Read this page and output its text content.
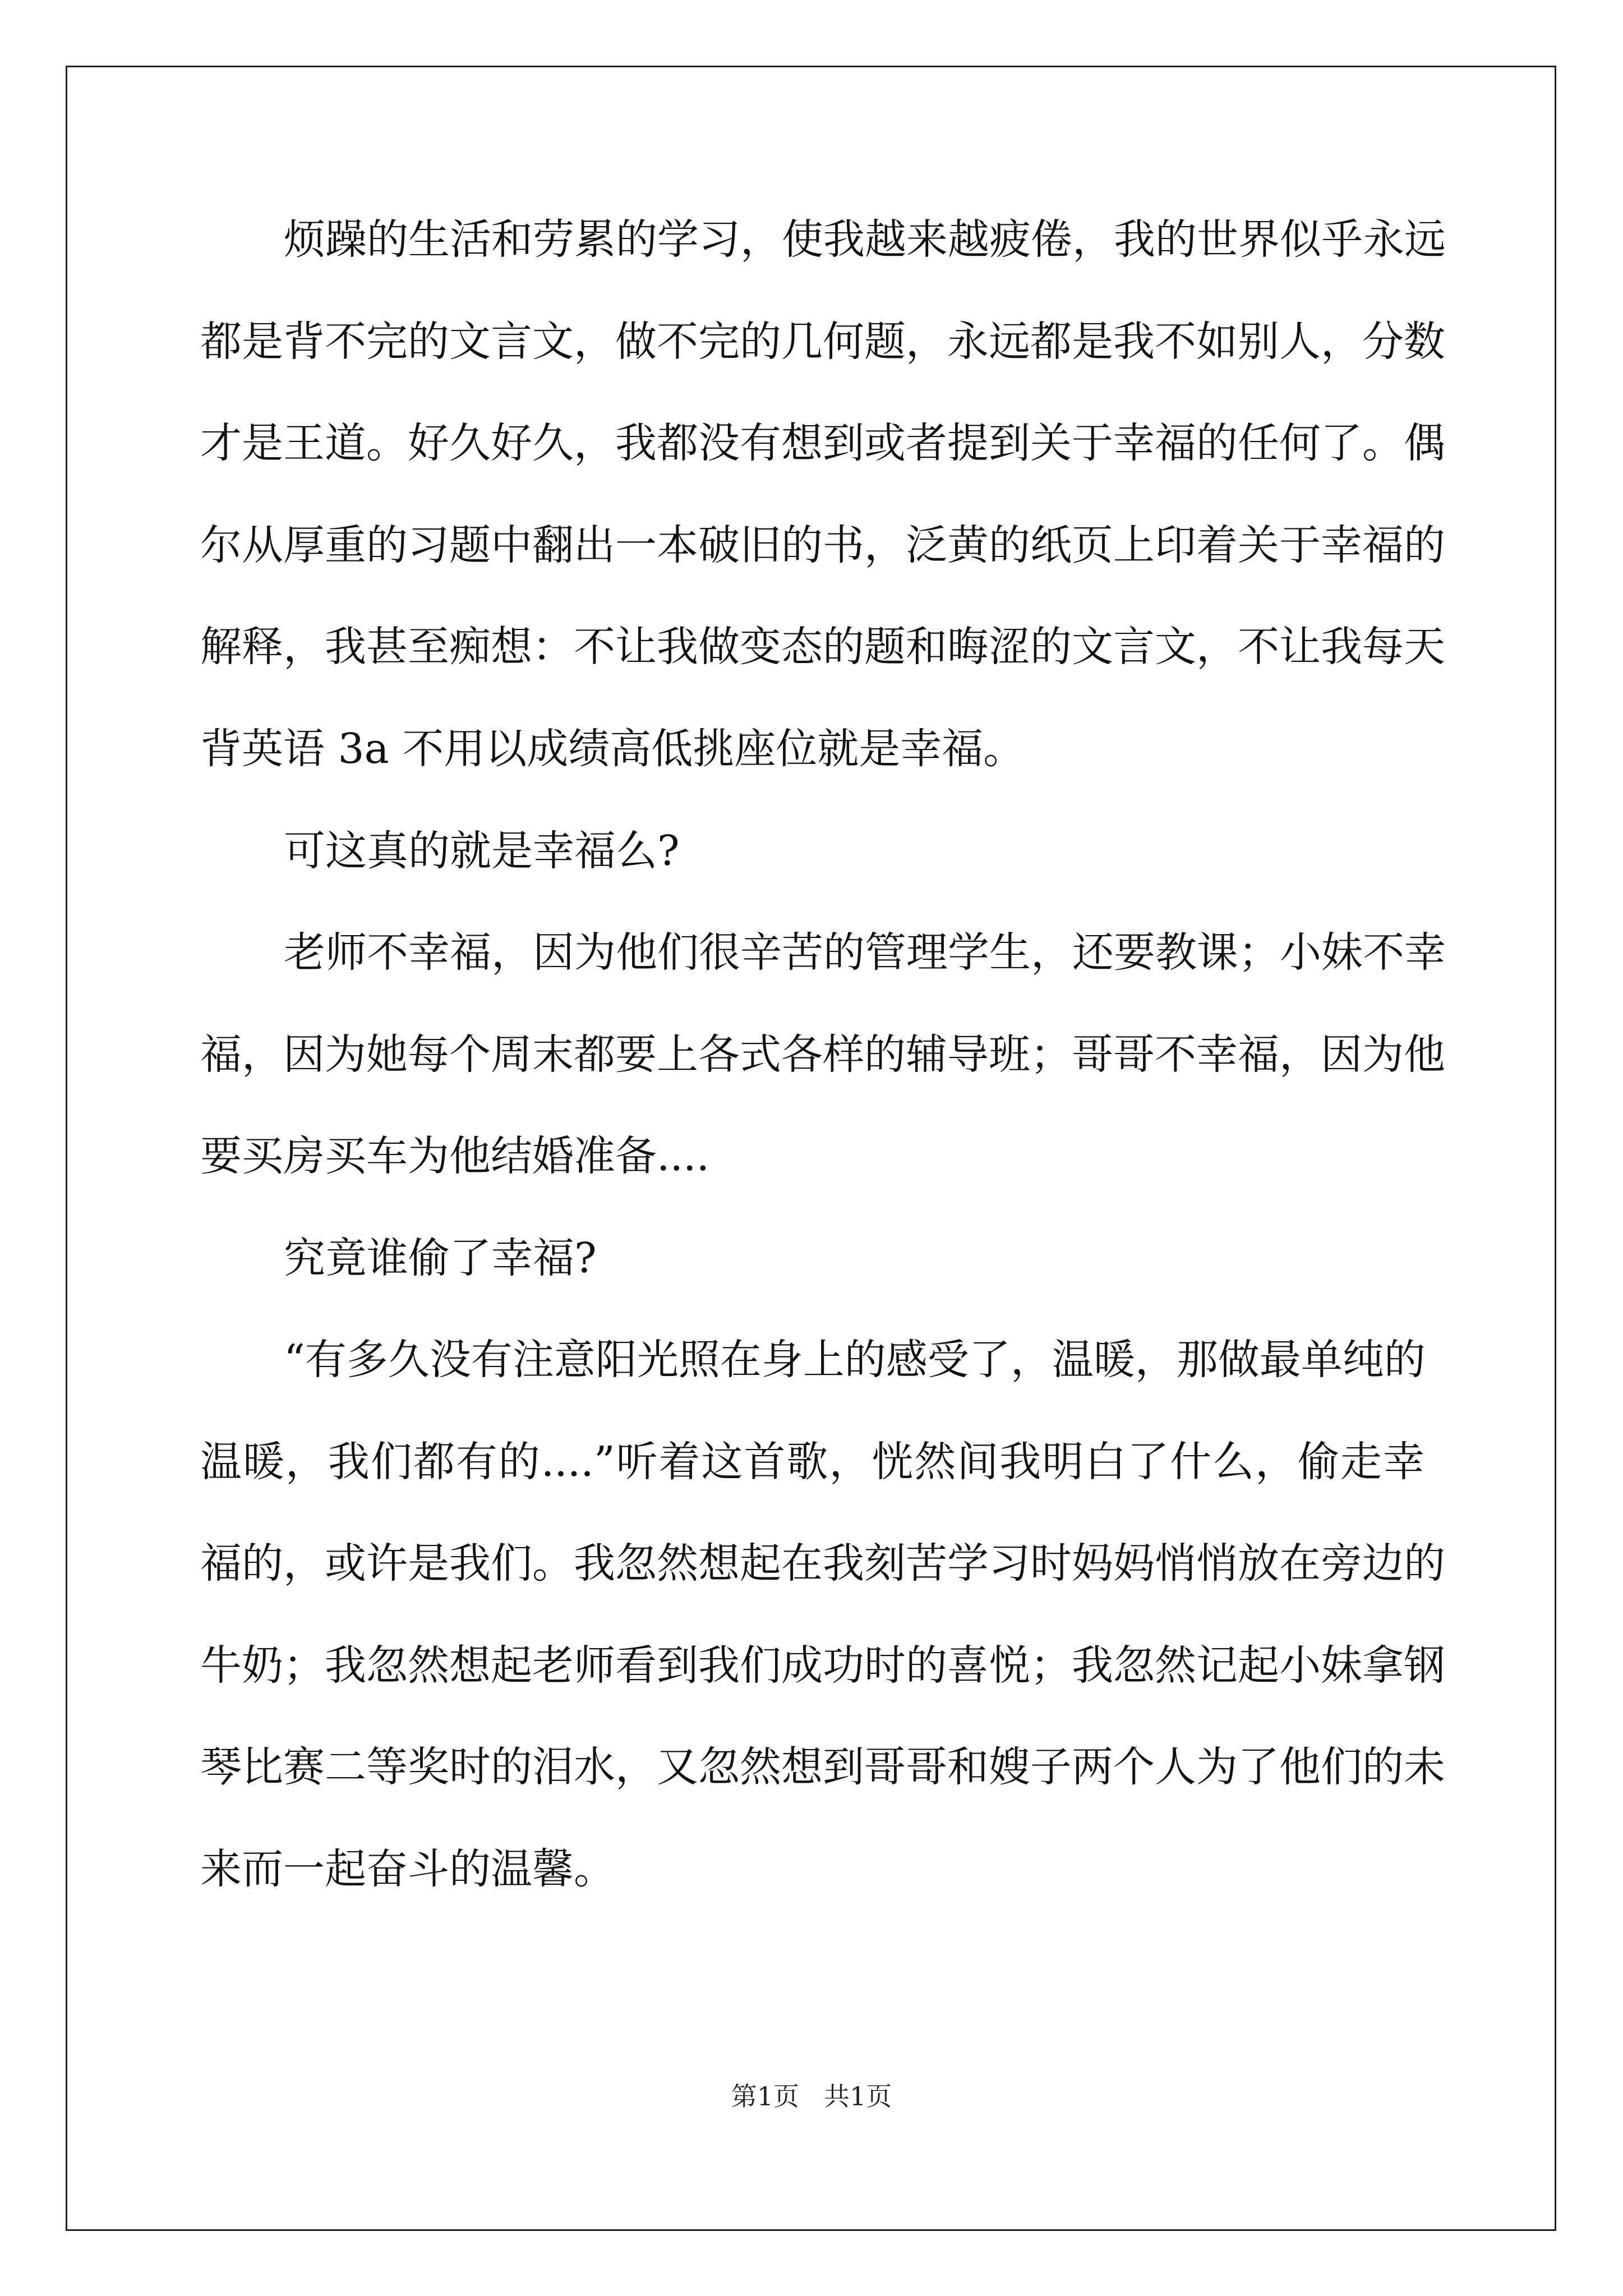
烦躁的生活和劳累的学习，使我越来越疲倦，我的世界似乎永远
都是背不完的文言文，做不完的几何题，永远都是我不如别人，分数
才是王道。好久好久，我都没有想到或者提到关于幸福的任何了。偶
尔从厚重的习题中翻出一本破旧的书，泛黄的纸页上印着关于幸福的
解释，我甚至痴想：不让我做变态的题和晦涩的文言文，不让我每天
背英语 3a 不用以成绩高低挑座位就是幸福。
可这真的就是幸福么?
老师不幸福，因为他们很辛苦的管理学生，还要教课；小妹不幸
福，因为她每个周末都要上各式各样的辅导班；哥哥不幸福，因为他
要买房买车为他结婚准备....
究竟谁偷了幸福?
“有多久没有注意阳光照在身上的感受了，温暖，那做最单纯的
温暖，我们都有的....”听着这首歌，恍然间我明白了什么，偷走幸
福的，或许是我们。我忽然想起在我刻苦学习时妈妈悄悄放在旁边的
牛奶；我忽然想起老师看到我们成功时的喜悦；我忽然记起小妹拿钢
琴比赛二等奖时的泪水，又忽然想到哥哥和嫂子两个人为了他们的未
来而一起奋斗的温馨。
第1页 共1页
